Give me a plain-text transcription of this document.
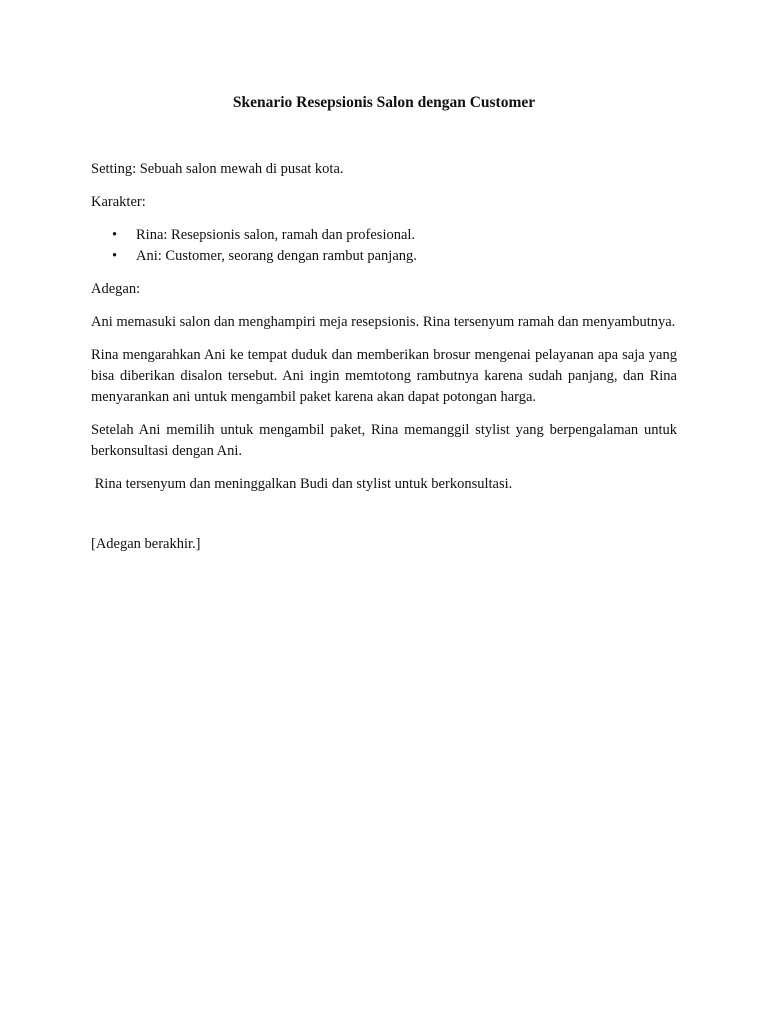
Skenario Resepsionis Salon dengan Customer

Setting: Sebuah salon mewah di pusat kota.

Karakter:

• Rina: Resepsionis salon, ramah dan profesional.
• Ani: Customer, seorang dengan rambut panjang.

Adegan:

Ani memasuki salon dan menghampiri meja resepsionis. Rina tersenyum ramah dan menyambutnya.

Rina mengarahkan Ani ke tempat duduk dan memberikan brosur mengenai pelayanan apa saja yang bisa diberikan disalon tersebut. Ani ingin memtotong rambutnya karena sudah panjang, dan Rina menyarankan ani untuk mengambil paket karena akan dapat potongan harga.

Setelah Ani memilih untuk mengambil paket, Rina memanggil stylist yang berpengalaman untuk berkonsultasi dengan Ani.

Rina tersenyum dan meninggalkan Budi dan stylist untuk berkonsultasi.

[Adegan berakhir.]
